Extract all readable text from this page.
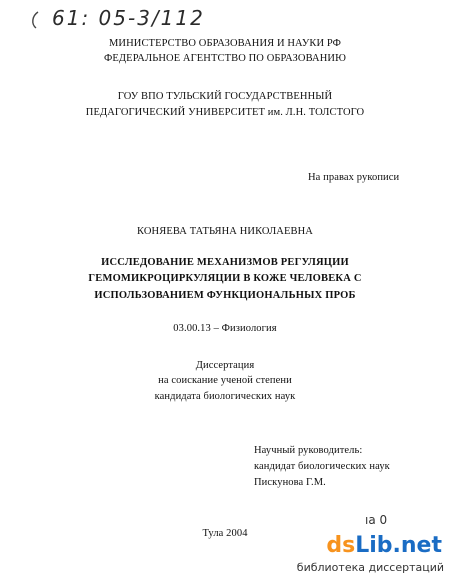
61: 05-3/112
МИНИСТЕРСТВО ОБРАЗОВАНИЯ И НАУКИ РФ
ФЕДЕРАЛЬНОЕ АГЕНТСТВО ПО ОБРАЗОВАНИЮ
ГОУ ВПО ТУЛЬСКИЙ ГОСУДАРСТВЕННЫЙ
ПЕДАГОГИЧЕСКИЙ УНИВЕРСИТЕТ им. Л.Н. ТОЛСТОГО
На правах рукописи
КОНЯЕВА ТАТЬЯНА НИКОЛАЕВНА
ИССЛЕДОВАНИЕ МЕХАНИЗМОВ РЕГУЛЯЦИИ
ГЕМОМИКРОЦИРКУЛЯЦИИ В КОЖЕ ЧЕЛОВЕКА С
ИСПОЛЬЗОВАНИЕМ ФУНКЦИОНАЛЬНЫХ ПРОБ
03.00.13 – Физиология
Диссертация
на соискание ученой степени
кандидата биологических наук
Научный руководитель:
кандидат биологических наук
Пискунова Г.М.
ıа 0
Тула 2004	dsLib.net
библиотека диссертаций
